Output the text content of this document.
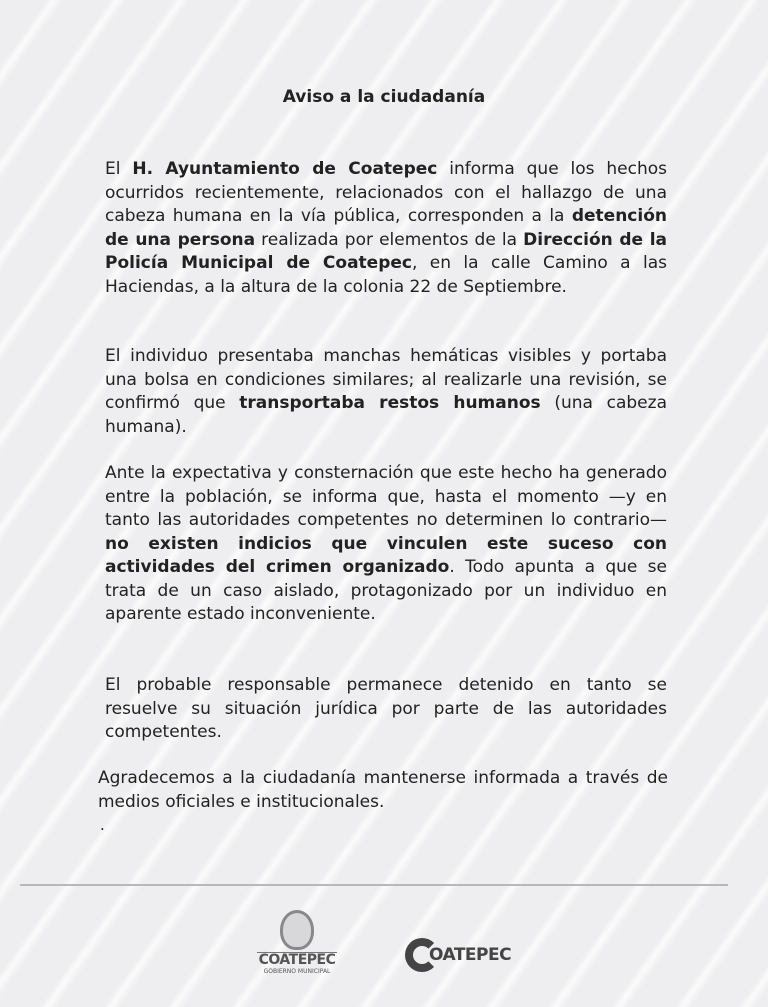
Aviso a la ciudadanía

El H. Ayuntamiento de Coatepec informa que los hechos ocurridos recientemente, relacionados con el hallazgo de una cabeza humana en la vía pública, corresponden a la detención de una persona realizada por elementos de la Dirección de la Policía Municipal de Coatepec, en la calle Camino a las Haciendas, a la altura de la colonia 22 de Septiembre.

El individuo presentaba manchas hemáticas visibles y portaba una bolsa en condiciones similares; al realizarle una revisión, se confirmó que transportaba restos humanos (una cabeza humana).

Ante la expectativa y consternación que este hecho ha generado entre la población, se informa que, hasta el momento —y en tanto las autoridades competentes no determinen lo contrario— no existen indicios que vinculen este suceso con actividades del crimen organizado. Todo apunta a que se trata de un caso aislado, protagonizado por un individuo en aparente estado inconveniente.

El probable responsable permanece detenido en tanto se resuelve su situación jurídica por parte de las autoridades competentes.

Agradecemos a la ciudadanía mantenerse informada a través de medios oficiales e institucionales.

.
COATEPEC
GOBIERNO MUNICIPAL
OATEPEC
